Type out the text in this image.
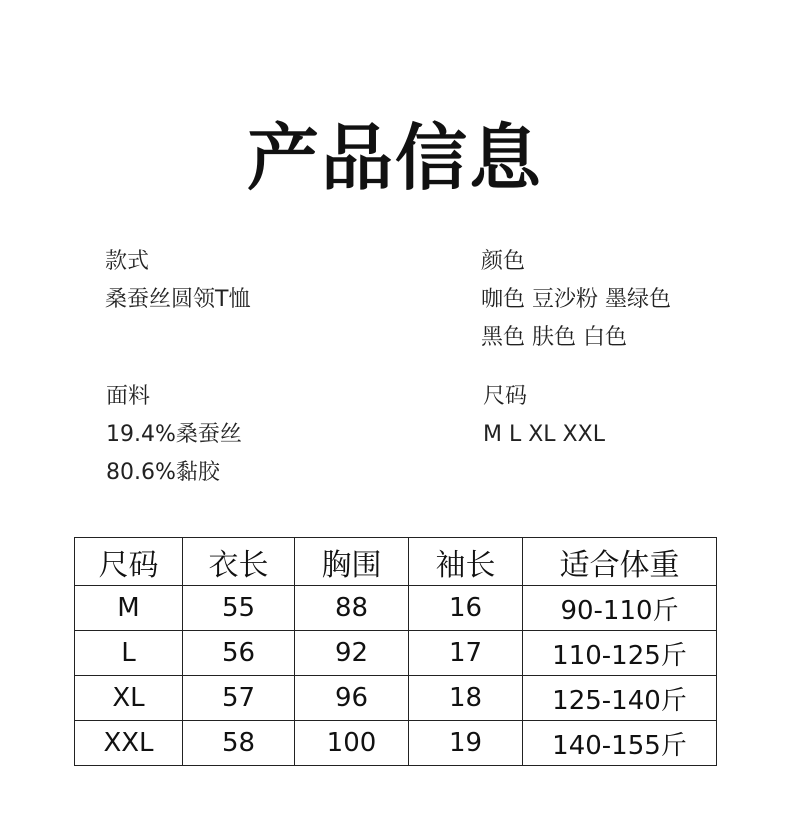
产品信息
款式
桑蚕丝圆领T恤
颜色
咖色 豆沙粉 墨绿色
黑色 肤色 白色
面料
19.4%桑蚕丝
80.6%黏胶
尺码
M L XL XXL
尺码	衣长	胸围	袖长	适合体重
M	55	88	16	90-110斤
L	56	92	17	110-125斤
XL	57	96	18	125-140斤
XXL	58	100	19	140-155斤
